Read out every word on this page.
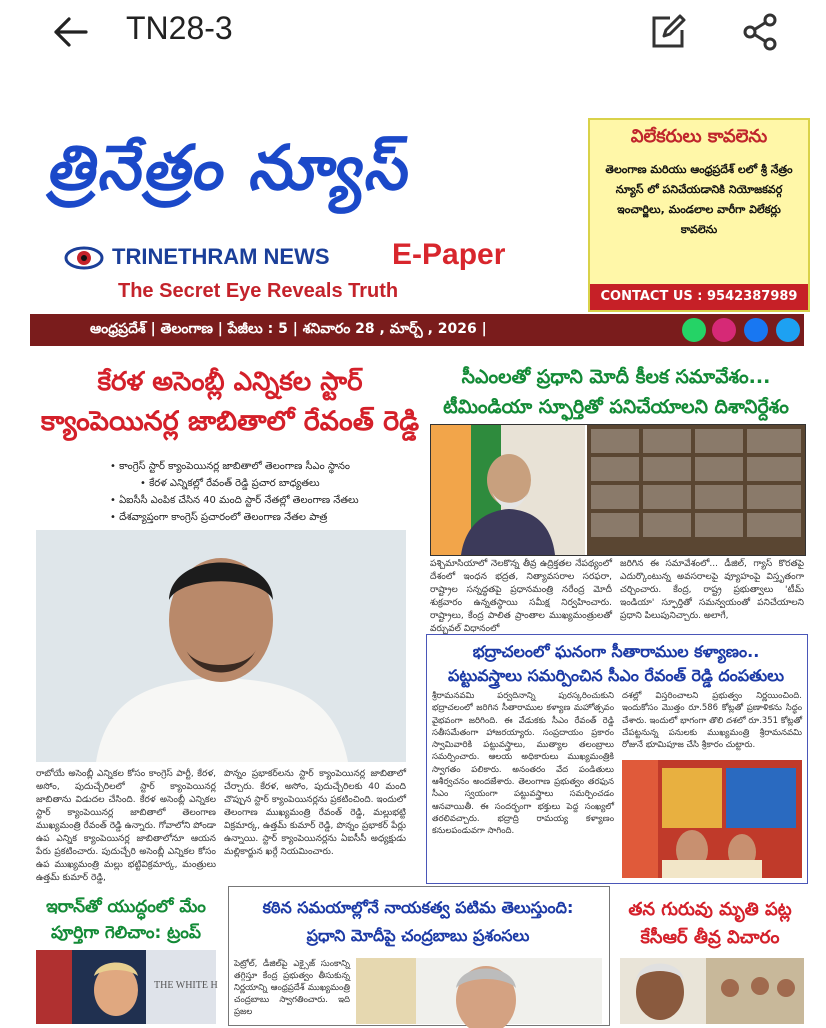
TN28-3
త్రినేత్రం న్యూస్
TRINETHRAM NEWS E-Paper
The Secret Eye Reveals Truth
విలేకరులు కావలెను
తెలంగాణ మరియు ఆంధ్రప్రదేశ్ లలో శ్రీ నేత్రం న్యూస్ లో పనిచేయడానికి నియోజకవర్గ ఇంచార్జిలు, మండలాల వారీగా విలేకర్లు కావలెను
CONTACT US : 9542387989
ఆంధ్రప్రదేశ్ | తెలంగాణ | పేజీలు : 5 | శనివారం 28 , మార్చ్ , 2026 |
కేరళ అసెంబ్లీ ఎన్నికల స్టార్
క్యాంపెయినర్ల జాబితాలో రేవంత్ రెడ్డి
• కాంగ్రెస్ స్టార్ క్యాంపెయినర్ల జాబితాలో తెలంగాణ సీఎం స్థానం
• కేరళ ఎన్నికల్లో రేవంత్ రెడ్డి ప్రచార బాధ్యతలు
• ఏఐసీసీ ఎంపిక చేసిన 40 మంది స్టార్ నేతల్లో తెలంగాణ నేతలు
• దేశవ్యాప్తంగా కాంగ్రెస్ ప్రచారంలో తెలంగాణ నేతల పాత్ర
రాబోయే అసెంబ్లీ ఎన్నికల కోసం కాంగ్రెస్ పార్టీ, కేరళ, అసోం, పుదుచ్చేరిలలో స్టార్ క్యాంపెయినర్ల జాబితాను విడుదల చేసింది. కేరళ అసెంబ్లీ ఎన్నికల స్టార్ క్యాంపెయినర్ల జాబితాలో తెలంగాణ ముఖ్యమంత్రి రేవంత్ రెడ్డి ఉన్నారు. గోవాలోని పోండా ఉప ఎన్నిక క్యాంపెయినర్ల జాబితాలోనూ ఆయన పేరు ప్రకటించారు. పుదుచ్చేరి అసెంబ్లీ ఎన్నికల కోసం ఉప ముఖ్యమంత్రి మల్లు భట్టివిక్రమార్క, మంత్రులు ఉత్తమ్ కుమార్ రెడ్డి,
పొన్నం ప్రభాకర్‌లను స్టార్ క్యాంపెయినర్ల జాబితాలో చేర్చారు. కేరళ, అసోం, పుదుచ్చేరిలకు 40 మంది చొప్పున స్టార్ క్యాంపెయినర్లను ప్రకటించింది. ఇందులో తెలంగాణ ముఖ్యమంత్రి రేవంత్ రెడ్డి, మల్లుభట్టి విక్రమార్క, ఉత్తమ్ కుమార్ రెడ్డి, పొన్నం ప్రభాకర్ పేర్లు ఉన్నాయి. స్టార్ క్యాంపెయినర్లను ఏఐసీసీ అధ్యక్షుడు మల్లికార్జున ఖర్గే నియమించారు.
సీఎంలతో ప్రధాని మోదీ కీలక సమావేశం...
టీమిండియా స్ఫూర్తితో పనిచేయాలని దిశానిర్దేశం
పశ్చిమాసియాలో నెలకొన్న తీవ్ర ఉద్రిక్తతల నేపథ్యంలో దేశంలో ఇంధన భద్రత, నిత్యావసరాల సరఫరా, రాష్ట్రాల సన్నద్ధతపై ప్రధానమంత్రి నరేంద్ర మోదీ శుక్రవారం ఉన్నతస్థాయి సమీక్ష నిర్వహించారు. రాష్ట్రాలు, కేంద్ర పాలిత ప్రాంతాల ముఖ్యమంత్రులతో వర్చువల్ విధానంలో
జరిగిన ఈ సమావేశంలో... డీజిల్, గ్యాస్ కొరతపై ఎదుర్కొంటున్న అవసరాలపై వ్యూహంపై విస్తృతంగా చర్చించారు. కేంద్ర, రాష్ట్ర ప్రభుత్వాలు 'టీమ్ ఇండియా' స్ఫూర్తితో సమన్వయంతో పనిచేయాలని ప్రధాని పిలుపునిచ్చారు. అలాగే,
భద్రాచలంలో ఘనంగా సీతారాముల కళ్యాణం..
పట్టువస్త్రాలు సమర్పించిన సీఎం రేవంత్ రెడ్డి దంపతులు
శ్రీరామనవమి పర్వదినాన్ని పురస్కరించుకుని భద్రాచలంలో జరిగిన సీతారాముల కళ్యాణ మహోత్సవం వైభవంగా జరిగింది. ఈ వేడుకకు సీఎం రేవంత్ రెడ్డి సతీసమేతంగా హాజరయ్యారు. సంప్రదాయం ప్రకారం స్వామివారికి పట్టువస్త్రాలు, ముత్యాల తలంబ్రాలు సమర్పించారు. ఆలయ అధికారులు ముఖ్యమంత్రికి స్వాగతం పలికారు. అనంతరం వేద పండితులు ఆశీర్వచనం అందజేశారు. తెలంగాణ ప్రభుత్వం తరఫున సీఎం స్వయంగా పట్టువస్త్రాలు సమర్పించడం ఆనవాయితీ. ఈ సందర్భంగా భక్తులు పెద్ద సంఖ్యలో తరలివచ్చారు. భద్రాద్రి రామయ్య కళ్యాణం కనులపండువగా సాగింది.
దశల్లో విస్తరించాలని ప్రభుత్వం నిర్ణయించింది. ఇందుకోసం మొత్తం రూ.586 కోట్లతో ప్రణాళికను సిద్ధం చేశారు. ఇందులో భాగంగా తొలి దశలో రూ.351 కోట్లతో చేపట్టనున్న పనులకు ముఖ్యమంత్రి శ్రీరామనవమి రోజునే భూమిపూజ చేసి శ్రీకారం చుట్టారు.
ఇరాన్‌తో యుద్ధంలో మేం
పూర్తిగా గెలిచాం: ట్రంప్
THE WHITE H
కఠిన సమయాల్లోనే నాయకత్వ పటిమ తెలుస్తుంది:
ప్రధాని మోదీపై చంద్రబాబు ప్రశంసలు
పెట్రోల్, డీజిల్‌పై ఎక్సైజ్ సుంకాన్ని తగ్గిస్తూ కేంద్ర ప్రభుత్వం తీసుకున్న నిర్ణయాన్ని ఆంధ్రప్రదేశ్ ముఖ్యమంత్రి చంద్రబాబు స్వాగతించారు. ఇది ప్రజల
తన గురువు మృతి పట్ల
కేసీఆర్ తీవ్ర విచారం
